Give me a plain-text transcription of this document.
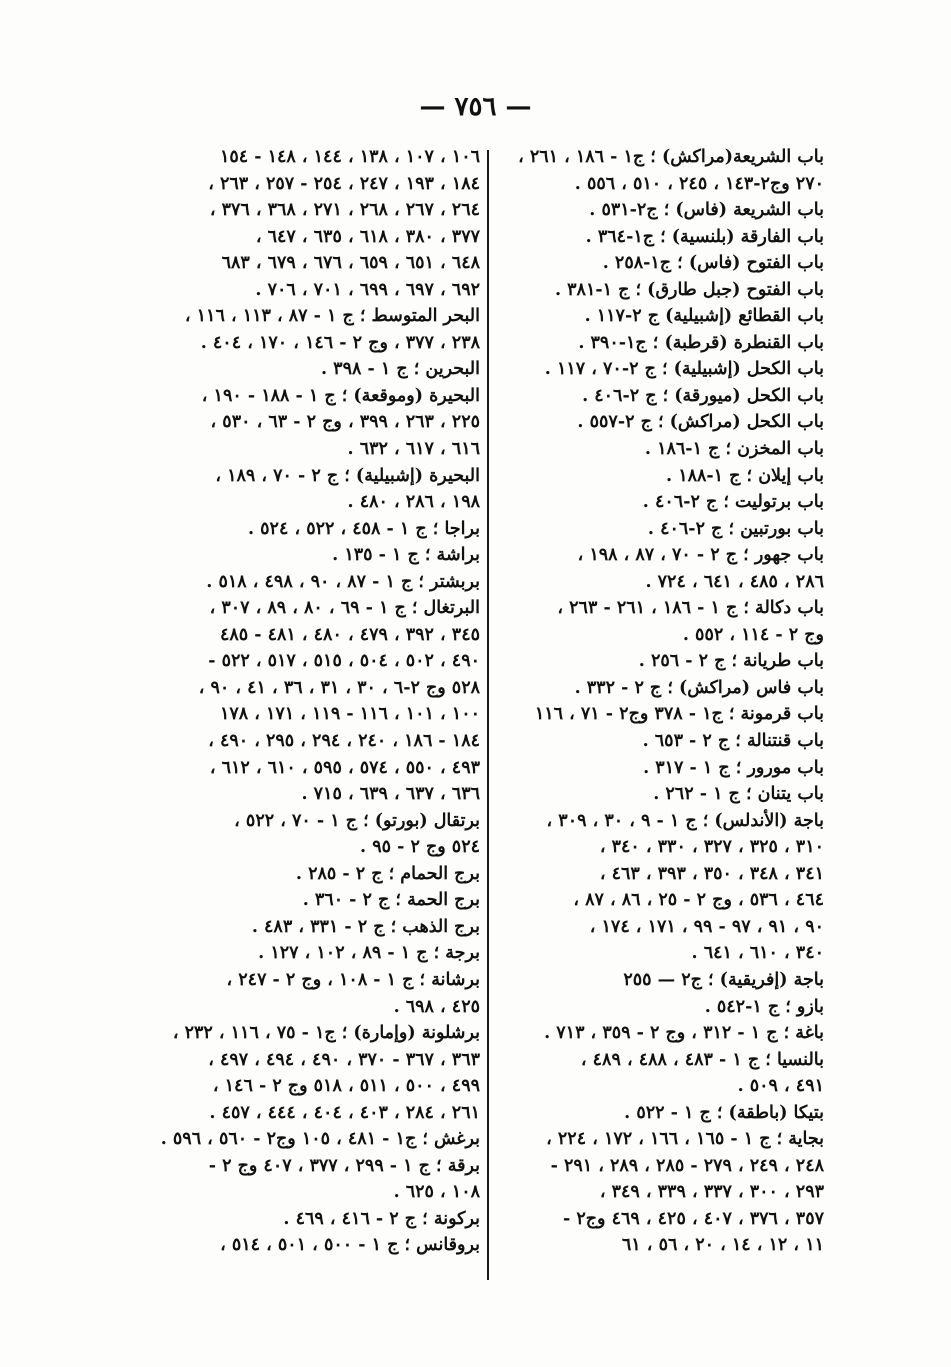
— ٧٥٦ —
باب الشريعة(مراكش) ؛ ج١ - ١٨٦ ، ٢٦١ ،
٢٧٠ وج٢-١٤٣ ، ٢٤٥ ، ٥١٠ ، ٥٥٦ .
باب الشريعة (فاس) ؛ ج٢-٥٣١ .
باب الفارقة (بلنسية) ؛ ج١-٣٦٤ .
باب الفتوح (فاس) ؛ ج١-٢٥٨ .
باب الفتوح (جبل طارق) ؛ ج ١-٣٨١ .
باب القطائع (إشبيلية) ج ٢-١١٧ .
باب القنطرة (قرطبة) ؛ ج١-٣٩٠ .
باب الكحل (إشبيلية) ؛ ج ٢-٧٠ ، ١١٧ .
باب الكحل (ميورقة) ؛ ج ٢-٤٠٦ .
باب الكحل (مراكش) ؛ ج ٢-٥٥٧ .
باب المخزن ؛ ج ١-١٨٦ .
باب إيلان ؛ ج ١-١٨٨ .
باب برتوليت ؛ ج ٢-٤٠٦ .
باب بورتبين ؛ ج ٢-٤٠٦ .
باب جهور ؛ ج ٢ - ٧٠ ، ٨٧ ، ١٩٨ ،
٢٨٦ ، ٤٨٥ ، ٦٤١ ، ٧٢٤ .
باب دكالة ؛ ج ١ - ١٨٦ ، ٢٦١ - ٢٦٣ ،
وج ٢ - ١١٤ ، ٥٥٢ .
باب طريانة ؛ ج ٢ - ٢٥٦ .
باب فاس (مراكش) ؛ ج ٢ - ٣٣٢ .
باب قرمونة ؛ ج١ - ٣٧٨ وج٢ - ٧١ ، ١١٦
باب قنتنالة ؛ ج ٢ - ٦٥٣ .
باب مورور ؛ ج ١ - ٣١٧ .
باب يتنان ؛ ج ١ - ٢٦٢ .
باجة (الأندلس) ؛ ج ١ - ٩ ، ٣٠ ، ٣٠٩ ،
٣١٠ ، ٣٢٥ ، ٣٢٧ ، ٣٣٠ ، ٣٤٠ ،
٣٤١ ، ٣٤٨ ، ٣٥٠ ، ٣٩٣ ، ٤٦٣ ،
٤٦٤ ، ٥٣٦ ، وج ٢ - ٢٥ ، ٨٦ ، ٨٧ ،
٩٠ ، ٩١ ، ٩٧ - ٩٩ ، ١٧١ ، ١٧٤ ،
٣٤٠ ، ٦١٠ ، ٦٤١ .
باجة (إفريقية) ؛ ج٢ — ٢٥٥
بازو ؛ ج ١-٥٤٢ .
باغة ؛ ج ١ - ٣١٢ ، وج ٢ - ٣٥٩ ، ٧١٣ .
بالنسيا ؛ ج ١ - ٤٨٣ ، ٤٨٨ ، ٤٨٩ ،
٤٩١ ، ٥٠٩ .
بتيكا (باطقة) ؛ ج ١ - ٥٢٢ .
بجاية ؛ ج ١ - ١٦٥ ، ١٦٦ ، ١٧٢ ، ٢٢٤ ،
٢٤٨ ، ٢٤٩ ، ٢٧٩ - ٢٨٥ ، ٢٨٩ ، ٢٩١ -
٢٩٣ ، ٣٠٠ ، ٣٣٧ ، ٣٣٩ ، ٣٤٩ ،
٣٥٧ ، ٣٧٦ ، ٤٠٧ ، ٤٢٥ ، ٤٦٩ وج٢ -
١١ ، ١٢ ، ١٤ ، ٢٠ ، ٥٦ ، ٦١
١٠٦ ، ١٠٧ ، ١٣٨ ، ١٤٤ ، ١٤٨ - ١٥٤
١٨٤ ، ١٩٣ ، ٢٤٧ ، ٢٥٤ - ٢٥٧ ، ٢٦٣ ،
٢٦٤ ، ٢٦٧ ، ٢٦٨ ، ٢٧١ ، ٣٦٨ ، ٣٧٦ ،
٣٧٧ ، ٣٨٠ ، ٦١٨ ، ٦٣٥ ، ٦٤٧ ،
٦٤٨ ، ٦٥١ ، ٦٥٩ ، ٦٧٦ ، ٦٧٩ ، ٦٨٣
٦٩٢ ، ٦٩٧ ، ٦٩٩ ، ٧٠١ ، ٧٠٦ .
البحر المتوسط ؛ ج ١ - ٨٧ ، ١١٣ ، ١١٦ ،
٢٣٨ ، ٣٧٧ ، وج ٢ - ١٤٦ ، ١٧٠ ، ٤٠٤ .
البحرين ؛ ج ١ - ٣٩٨ .
البحيرة (وموقعة) ؛ ج ١ - ١٨٨ - ١٩٠ ،
٢٢٥ ، ٢٦٣ ، ٣٩٩ ، وج ٢ - ٦٣ ، ٥٣٠ ،
٦١٦ ، ٦١٧ ، ٦٣٢ .
البحيرة (إشبيلية) ؛ ج ٢ - ٧٠ ، ١٨٩ ،
١٩٨ ، ٢٨٦ ، ٤٨٠ .
براجا ؛ ج ١ - ٤٥٨ ، ٥٢٢ ، ٥٢٤ .
براشة ؛ ج ١ - ١٣٥ .
بربشتر ؛ ج ١ - ٨٧ ، ٩٠ ، ٤٩٨ ، ٥١٨ .
البرتغال ؛ ج ١ - ٦٩ ، ٨٠ ، ٨٩ ، ٣٠٧ ،
٣٤٥ ، ٣٩٢ ، ٤٧٩ ، ٤٨٠ ، ٤٨١ - ٤٨٥
٤٩٠ ، ٥٠٢ ، ٥٠٤ ، ٥١٥ ، ٥١٧ ، ٥٢٢ -
٥٢٨ وج ٢-٦ ، ٣٠ ، ٣١ ، ٣٦ ، ٤١ ، ٩٠ ،
١٠٠ ، ١٠١ ، ١١٦ - ١١٩ ، ١٧١ ، ١٧٨
١٨٤ - ١٨٦ ، ٢٤٠ ، ٢٩٤ ، ٢٩٥ ، ٤٩٠ ،
٤٩٣ ، ٥٥٠ ، ٥٧٤ ، ٥٩٥ ، ٦١٠ ، ٦١٢ ،
٦٣٦ ، ٦٣٧ ، ٦٣٩ ، ٧١٥ .
برتقال (بورتو) ؛ ج ١ - ٧٠ ، ٥٢٢ ،
٥٢٤ وج ٢ - ٩٥ .
برج الحمام ؛ ج ٢ - ٢٨٥ .
برج الحمة ؛ ج ٢ - ٣٦٠ .
برج الذهب ؛ ج ٢ - ٣٣١ ، ٤٨٣ .
برجة ؛ ج ١ - ٨٩ ، ١٠٢ ، ١٢٧ .
برشانة ؛ ج ١ - ١٠٨ ، وج ٢ - ٢٤٧ ،
٤٢٥ ، ٦٩٨ .
برشلونة (وإمارة) ؛ ج١ - ٧٥ ، ١١٦ ، ٢٣٢ ،
٣٦٣ ، ٣٦٧ - ٣٧٠ ، ٤٩٠ ، ٤٩٤ ، ٤٩٧ ،
٤٩٩ ، ٥٠٠ ، ٥١١ ، ٥١٨ وج ٢ - ١٤٦ ،
٢٦١ ، ٢٨٤ ، ٤٠٣ ، ٤٠٤ ، ٤٤٤ ، ٤٥٧ .
برغش ؛ ج١ - ٤٨١ ، ١٠٥ وج٢ - ٥٦٠ ، ٥٩٦ .
برقة ؛ ج ١ - ٢٩٩ ، ٣٧٧ ، ٤٠٧ وج ٢ -
١٠٨ ، ٦٢٥ .
بركونة ؛ ج ٢ - ٤١٦ ، ٤٦٩ .
بروقانس ؛ ج ١ - ٥٠٠ ، ٥٠١ ، ٥١٤ ،
